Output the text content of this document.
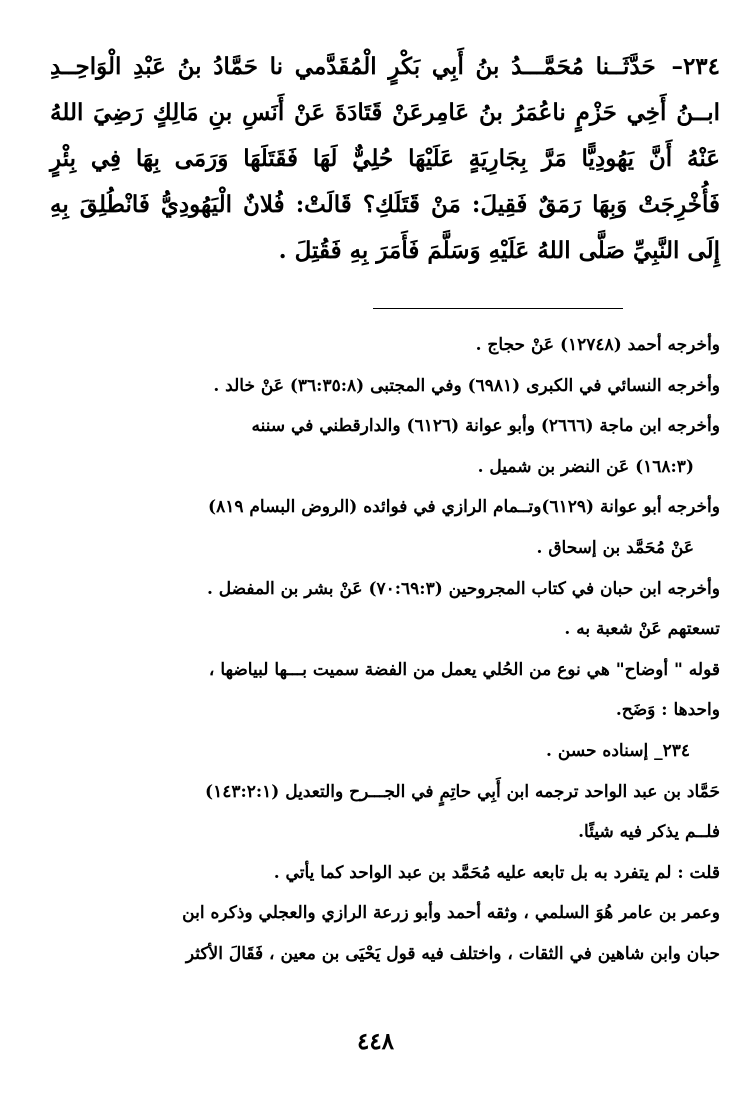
٢٣٤– حَدَّثَــنا مُحَمَّـــدُ بنُ أَبِي بَكْرٍ الْمُقَدَّمي نا حَمَّادُ بنُ عَبْدِ الْوَاحِــدِ ابــنُ أَخِي حَزْمٍ ناعُمَرُ بنُ عَامِرعَنْ قَتَادَةَ عَنْ أَنَسِ بنِ مَالِكٍ رَضِيَ اللهُ عَنْهُ أَنَّ يَهُودِيًّا مَرَّ بِجَارِيَةٍ عَلَيْهَا حُلِيٌّ لَهَا فَقَتَلَهَا وَرَمَى بِهَا فِي بِئْرٍ فَأُخْرِجَتْ وَبِهَا رَمَقٌ فَقِيلَ: مَنْ قَتَلَكِ؟ قَالَتْ: فُلانٌ الْيَهُودِيُّ فَانْطُلِقَ بِهِ إِلَى النَّبِيِّ صَلَّى اللهُ عَلَيْهِ وَسَلَّمَ فَأَمَرَ بِهِ فَقُتِلَ .

وأخرجه أحمد (١٢٧٤٨) عَنْ حجاج .

وأخرجه النسائي في الكبرى (٦٩٨١) وفي المجتبى (٣٦:٣٥:٨) عَنْ خالد .

وأخرجه ابن ماجة (٢٦٦٦) وأبو عوانة (٦١٢٦) والدارقطني في سننه

(١٦٨:٣) عَن النضر بن شميل .

وأخرجه أبو عوانة (٦١٢٩)وتــمام الرازي في فوائده (الروض البسام ٨١٩)

عَنْ مُحَمَّد بن إسحاق .

وأخرجه ابن حبان في كتاب المجروحين (٧٠:٦٩:٣) عَنْ بشر بن المفضل .

تسعتهم عَنْ شعبة به .

قوله " أوضاح" هي نوع من الحُلي يعمل من الفضة سميت بـــها لبياضها ،

واحدها : وَضَح.

٢٣٤_ إسناده حسن .

حَمَّاد بن عبد الواحد ترجمه ابن أَبِي حاتِمٍ في الجـــرح والتعديل (١٤٣:٢:١)

فلــم يذكر فيه شيئًا.

قلت : لم يتفرد به بل تابعه عليه مُحَمَّد بن عبد الواحد كما يأتي .

وعمر بن عامر هُوَ السلمي ، وثقه أحمد وأبو زرعة الرازي والعجلي وذكره ابن

حبان وابن شاهين في الثقات ، واختلف فيه قول يَحْيَى بن معين ، فَقَالَ الأكثر

٤٤٨
